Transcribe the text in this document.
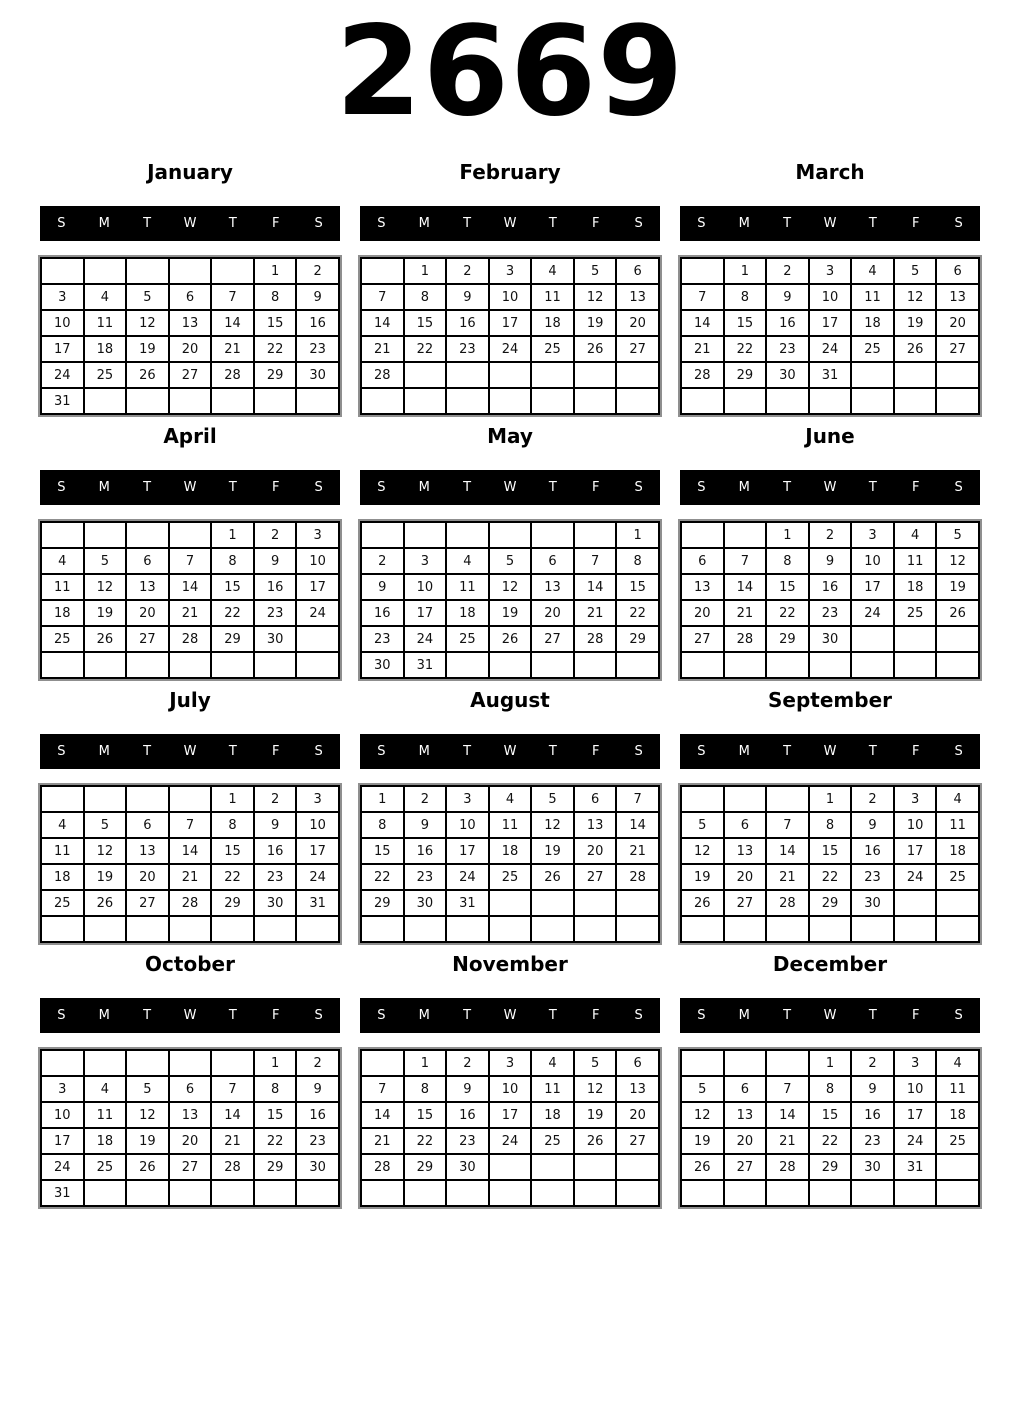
2669
January
S	M	T	W	T	F	S
					1	2
3	4	5	6	7	8	9
10	11	12	13	14	15	16
17	18	19	20	21	22	23
24	25	26	27	28	29	30
31						
February
S	M	T	W	T	F	S
	1	2	3	4	5	6
7	8	9	10	11	12	13
14	15	16	17	18	19	20
21	22	23	24	25	26	27
28						

March
S	M	T	W	T	F	S
	1	2	3	4	5	6
7	8	9	10	11	12	13
14	15	16	17	18	19	20
21	22	23	24	25	26	27
28	29	30	31			

April
S	M	T	W	T	F	S
				1	2	3
4	5	6	7	8	9	10
11	12	13	14	15	16	17
18	19	20	21	22	23	24
25	26	27	28	29	30	

May
S	M	T	W	T	F	S
						1
2	3	4	5	6	7	8
9	10	11	12	13	14	15
16	17	18	19	20	21	22
23	24	25	26	27	28	29
30	31					
June
S	M	T	W	T	F	S
		1	2	3	4	5
6	7	8	9	10	11	12
13	14	15	16	17	18	19
20	21	22	23	24	25	26
27	28	29	30			

July
S	M	T	W	T	F	S
				1	2	3
4	5	6	7	8	9	10
11	12	13	14	15	16	17
18	19	20	21	22	23	24
25	26	27	28	29	30	31

August
S	M	T	W	T	F	S
1	2	3	4	5	6	7
8	9	10	11	12	13	14
15	16	17	18	19	20	21
22	23	24	25	26	27	28
29	30	31				

September
S	M	T	W	T	F	S
			1	2	3	4
5	6	7	8	9	10	11
12	13	14	15	16	17	18
19	20	21	22	23	24	25
26	27	28	29	30		

October
S	M	T	W	T	F	S
					1	2
3	4	5	6	7	8	9
10	11	12	13	14	15	16
17	18	19	20	21	22	23
24	25	26	27	28	29	30
31						
November
S	M	T	W	T	F	S
	1	2	3	4	5	6
7	8	9	10	11	12	13
14	15	16	17	18	19	20
21	22	23	24	25	26	27
28	29	30				

December
S	M	T	W	T	F	S
			1	2	3	4
5	6	7	8	9	10	11
12	13	14	15	16	17	18
19	20	21	22	23	24	25
26	27	28	29	30	31	
